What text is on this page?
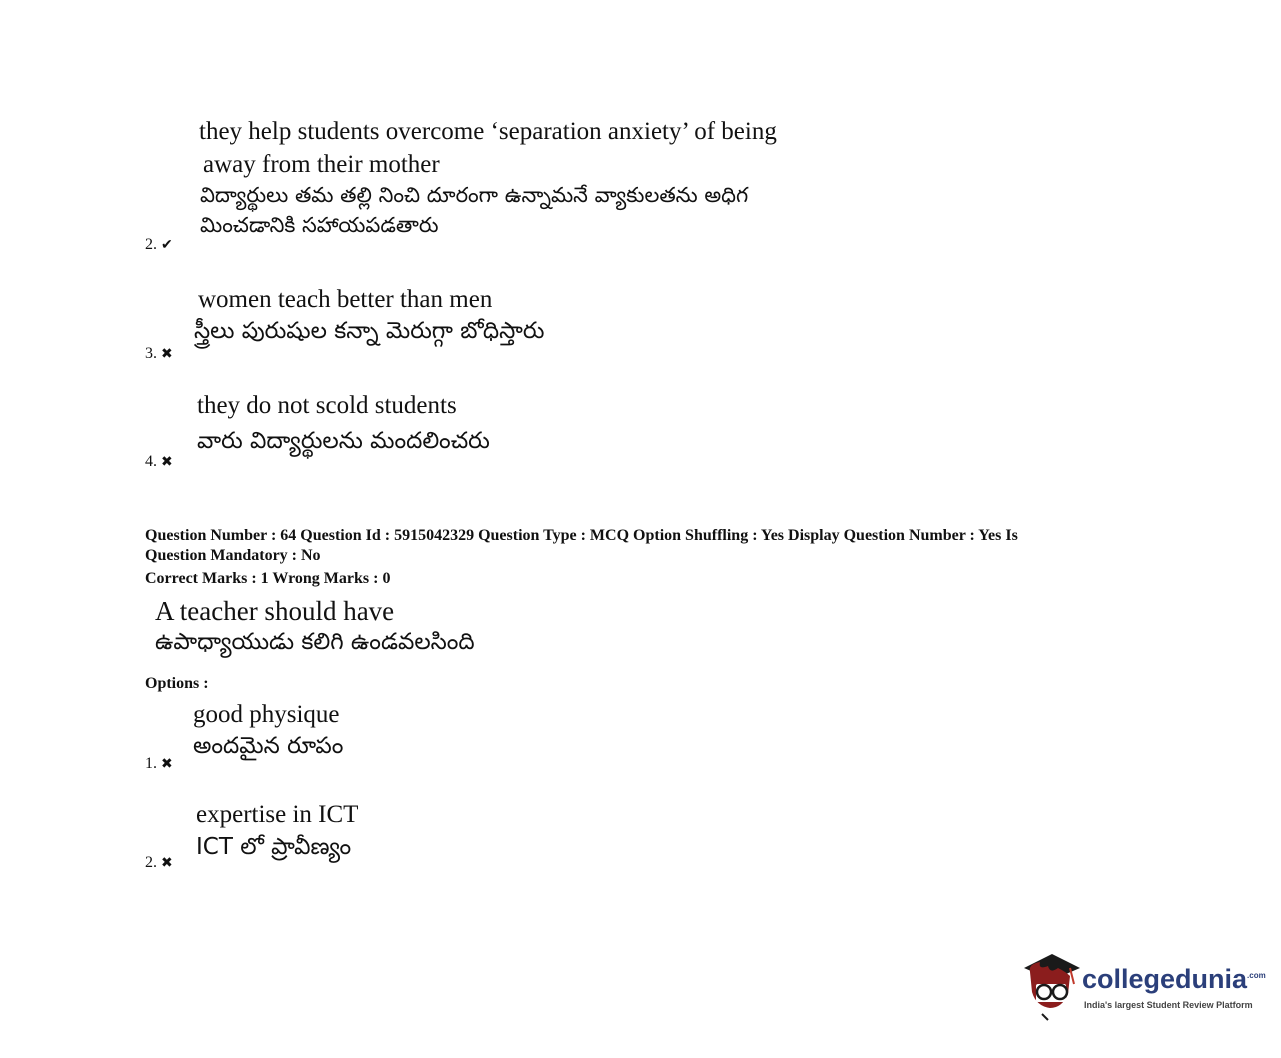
they help students overcome ‘separation anxiety’ of being
away from their mother
విద్యార్థులు తమ తల్లి నించి దూరంగా ఉన్నామనే వ్యాకులతను అధిగ
మించడానికి సహాయపడతారు
2. ✔
women teach better than men
స్త్రీలు పురుషుల కన్నా మెరుగ్గా బోధిస్తారు
3. ✖
they do not scold students
వారు విద్యార్థులను మందలించరు
4. ✖
Question Number : 64 Question Id : 5915042329 Question Type : MCQ Option Shuffling : Yes Display Question Number : Yes Is
Question Mandatory : No
Correct Marks : 1 Wrong Marks : 0
A teacher should have
ఉపాధ్యాయుడు కలిగి ఉండవలసింది
Options :
good physique
అందమైన రూపం
1. ✖
expertise in ICT
ICT లో ప్రావీణ్యం
2. ✖
collegedunia$^{.com}$
India's largest Student Review Platform
